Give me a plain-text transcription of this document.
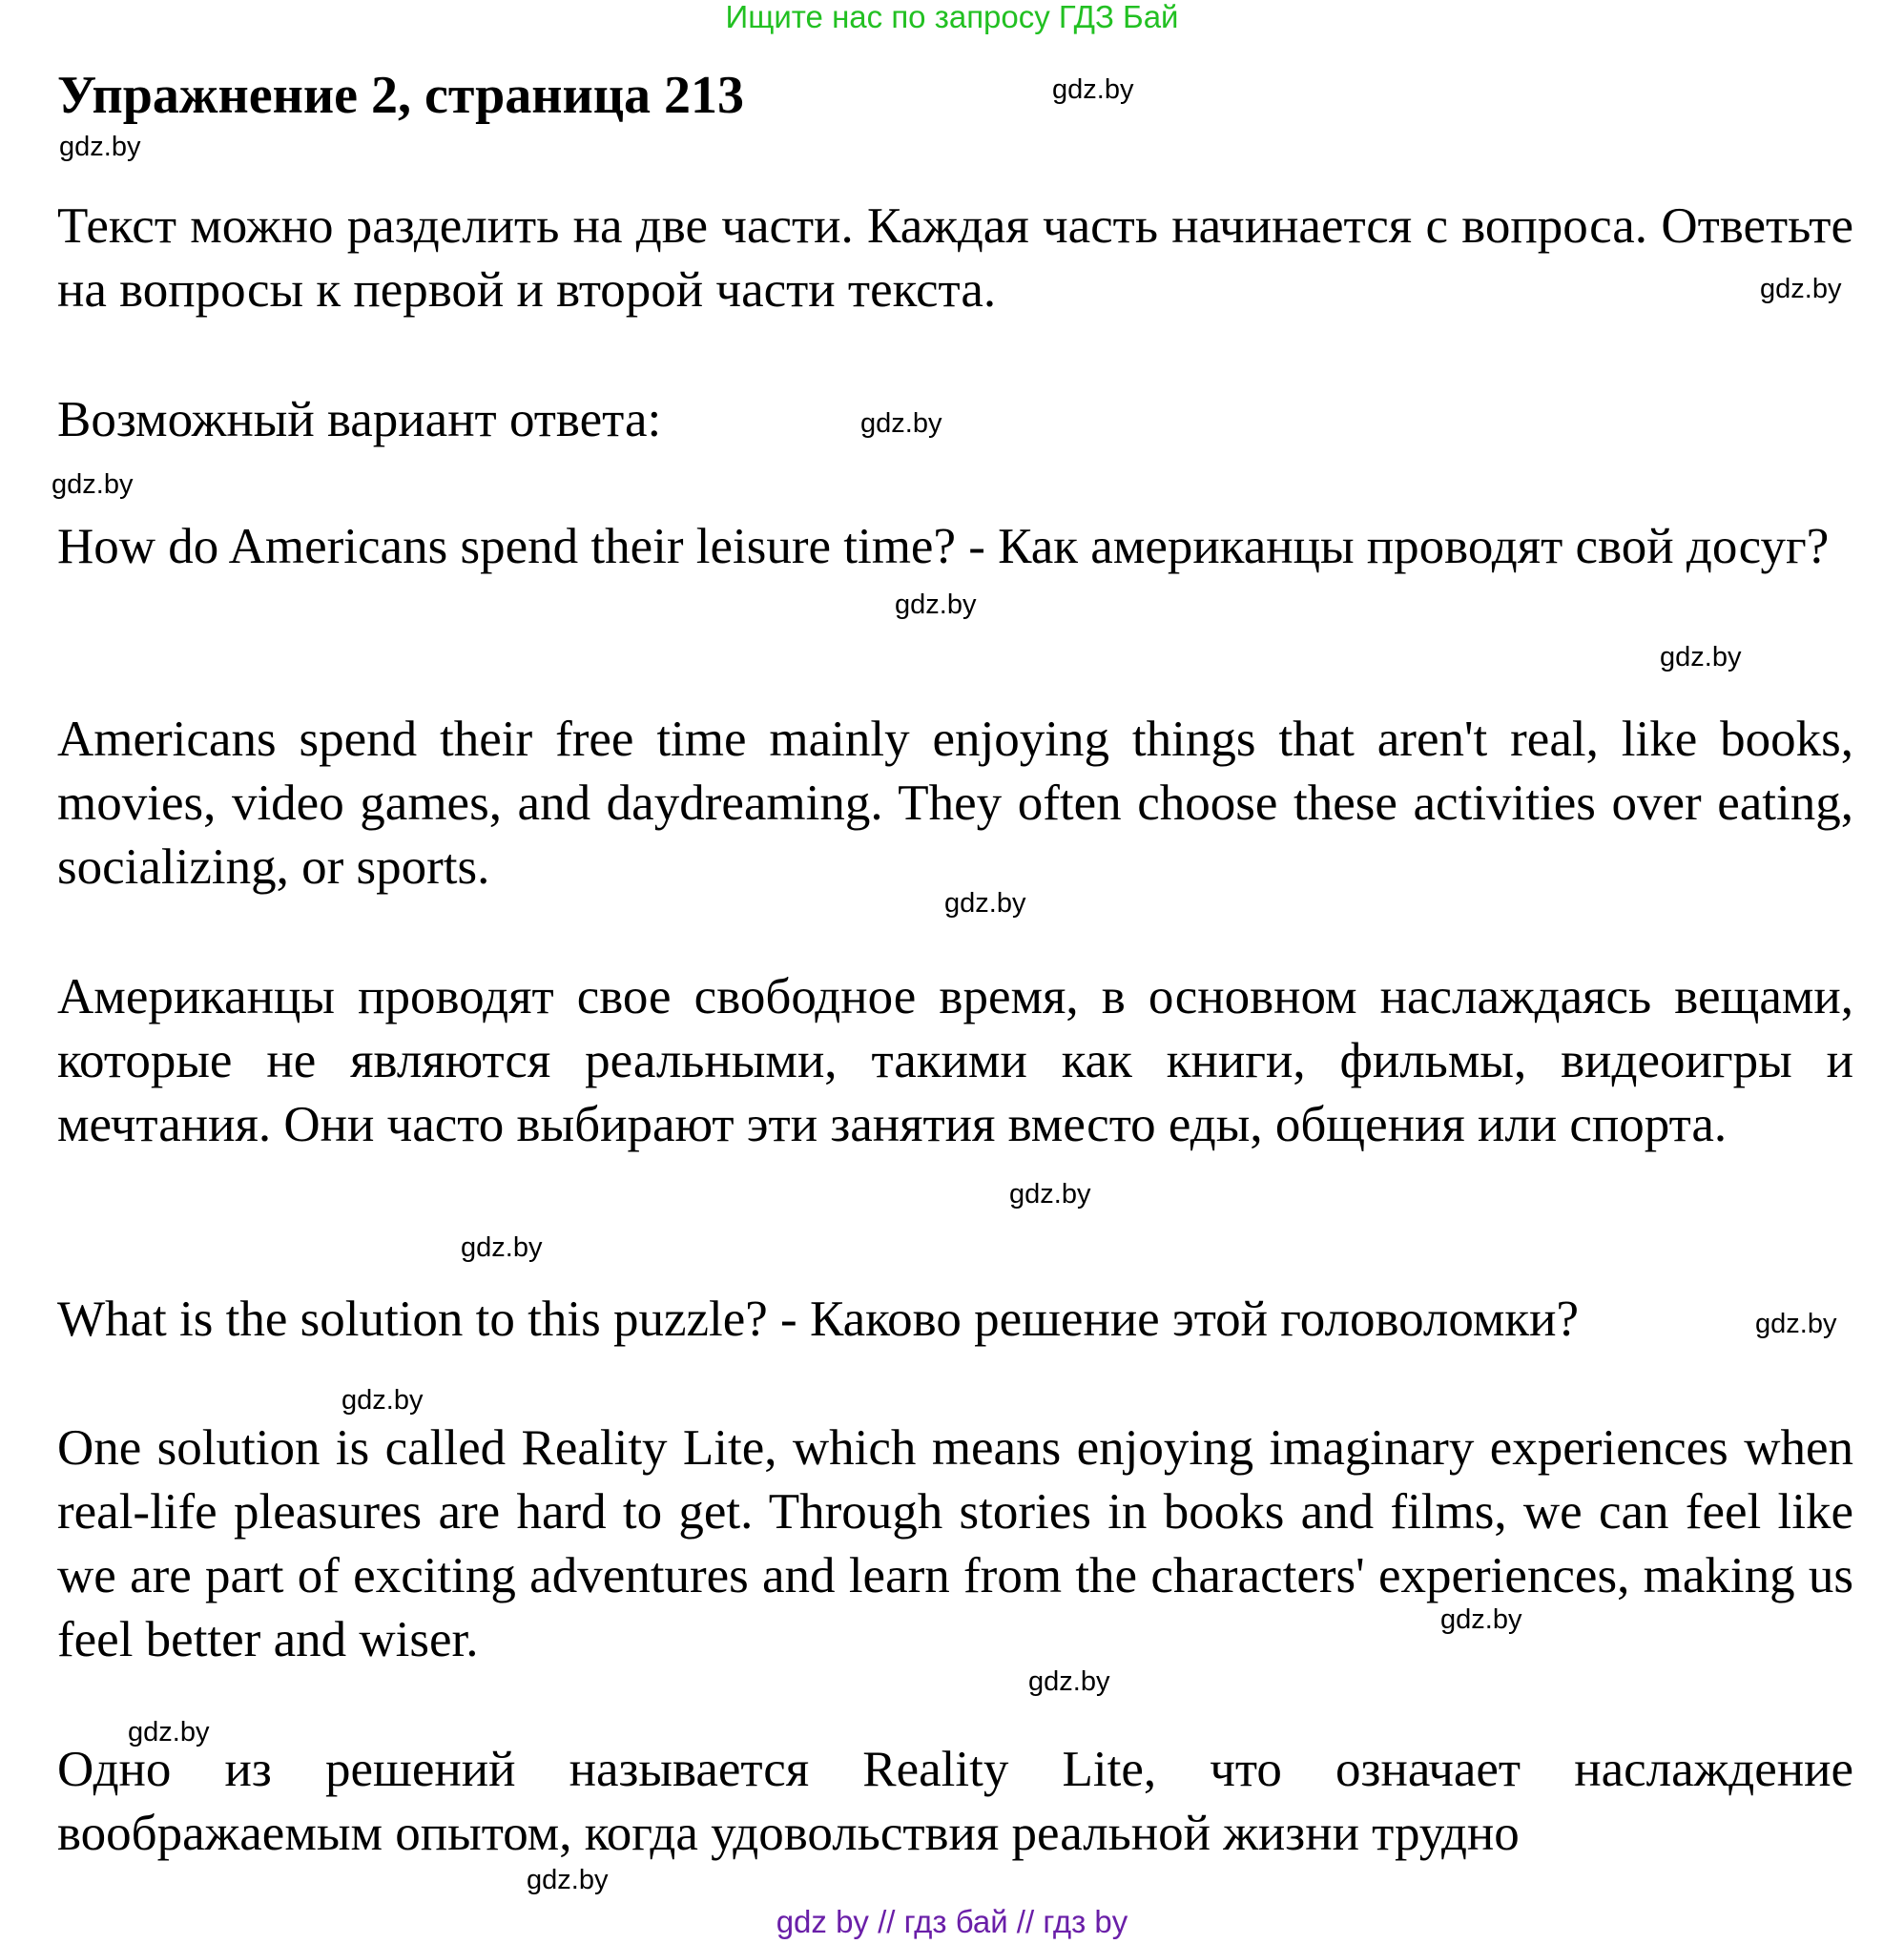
Ищите нас по запросу ГДЗ Бай
Упражнение 2, страница 213

Текст можно разделить на две части. Каждая часть начинается с вопроса. Ответьте на вопросы к первой и второй части текста.

Возможный вариант ответа:

How do Americans spend their leisure time? - Как американцы проводят свой досуг?

Americans spend their free time mainly enjoying things that aren't real, like books, movies, video games, and daydreaming. They often choose these activities over eating, socializing, or sports.

Американцы проводят свое свободное время, в основном наслаждаясь вещами, которые не являются реальными, такими как книги, фильмы, видеоигры и мечтания. Они часто выбирают эти занятия вместо еды, общения или спорта.

What is the solution to this puzzle? - Каково решение этой головоломки?

One solution is called Reality Lite, which means enjoying imaginary experiences when real-life pleasures are hard to get. Through stories in books and films, we can feel like we are part of exciting adventures and learn from the characters' experiences, making us feel better and wiser.

Одно из решений называется Reality Lite, что означает наслаждение воображаемым опытом, когда удовольствия реальной жизни трудно

gdz.by
gdz.by
gdz.by
gdz.by
gdz.by
gdz.by
gdz.by
gdz.by
gdz.by
gdz.by
gdz.by
gdz.by
gdz.by
gdz.by
gdz.by
gdz.by
gdz by // гдз бай // гдз by
